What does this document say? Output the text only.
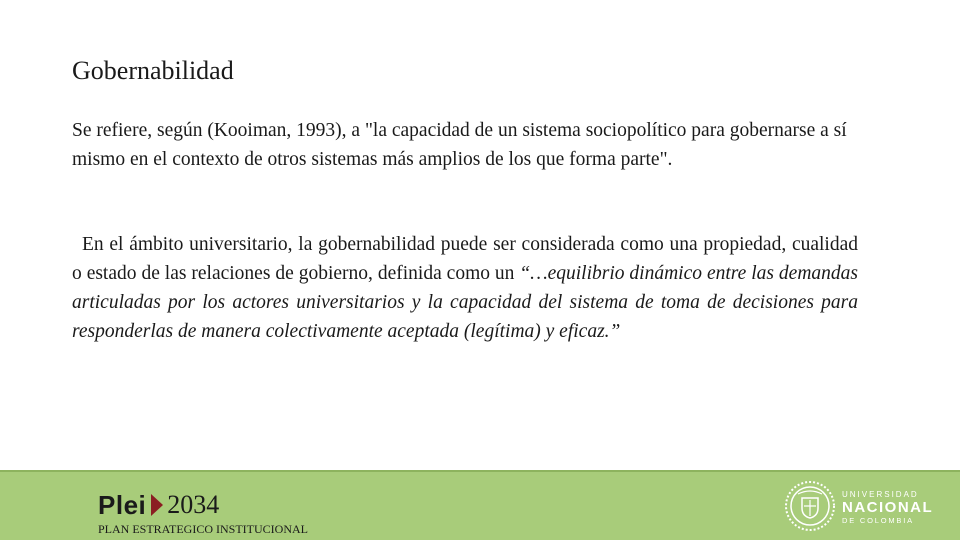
Gobernabilidad
Se refiere, según (Kooiman, 1993), a "la capacidad de un sistema sociopolítico para gobernarse a sí mismo en el contexto de otros sistemas más amplios de los que forma parte".
En el ámbito universitario, la gobernabilidad puede ser considerada como una propiedad, cualidad o estado de las relaciones de gobierno, definida como un “…equilibrio dinámico entre las demandas articuladas por los actores universitarios y la capacidad del sistema de toma de decisiones para responderlas de manera colectivamente aceptada (legítima) y eficaz.”
Plei 2034
PLAN ESTRATEGICO INSTITUCIONAL
UNIVERSIDAD
NACIONAL
DE COLOMBIA
